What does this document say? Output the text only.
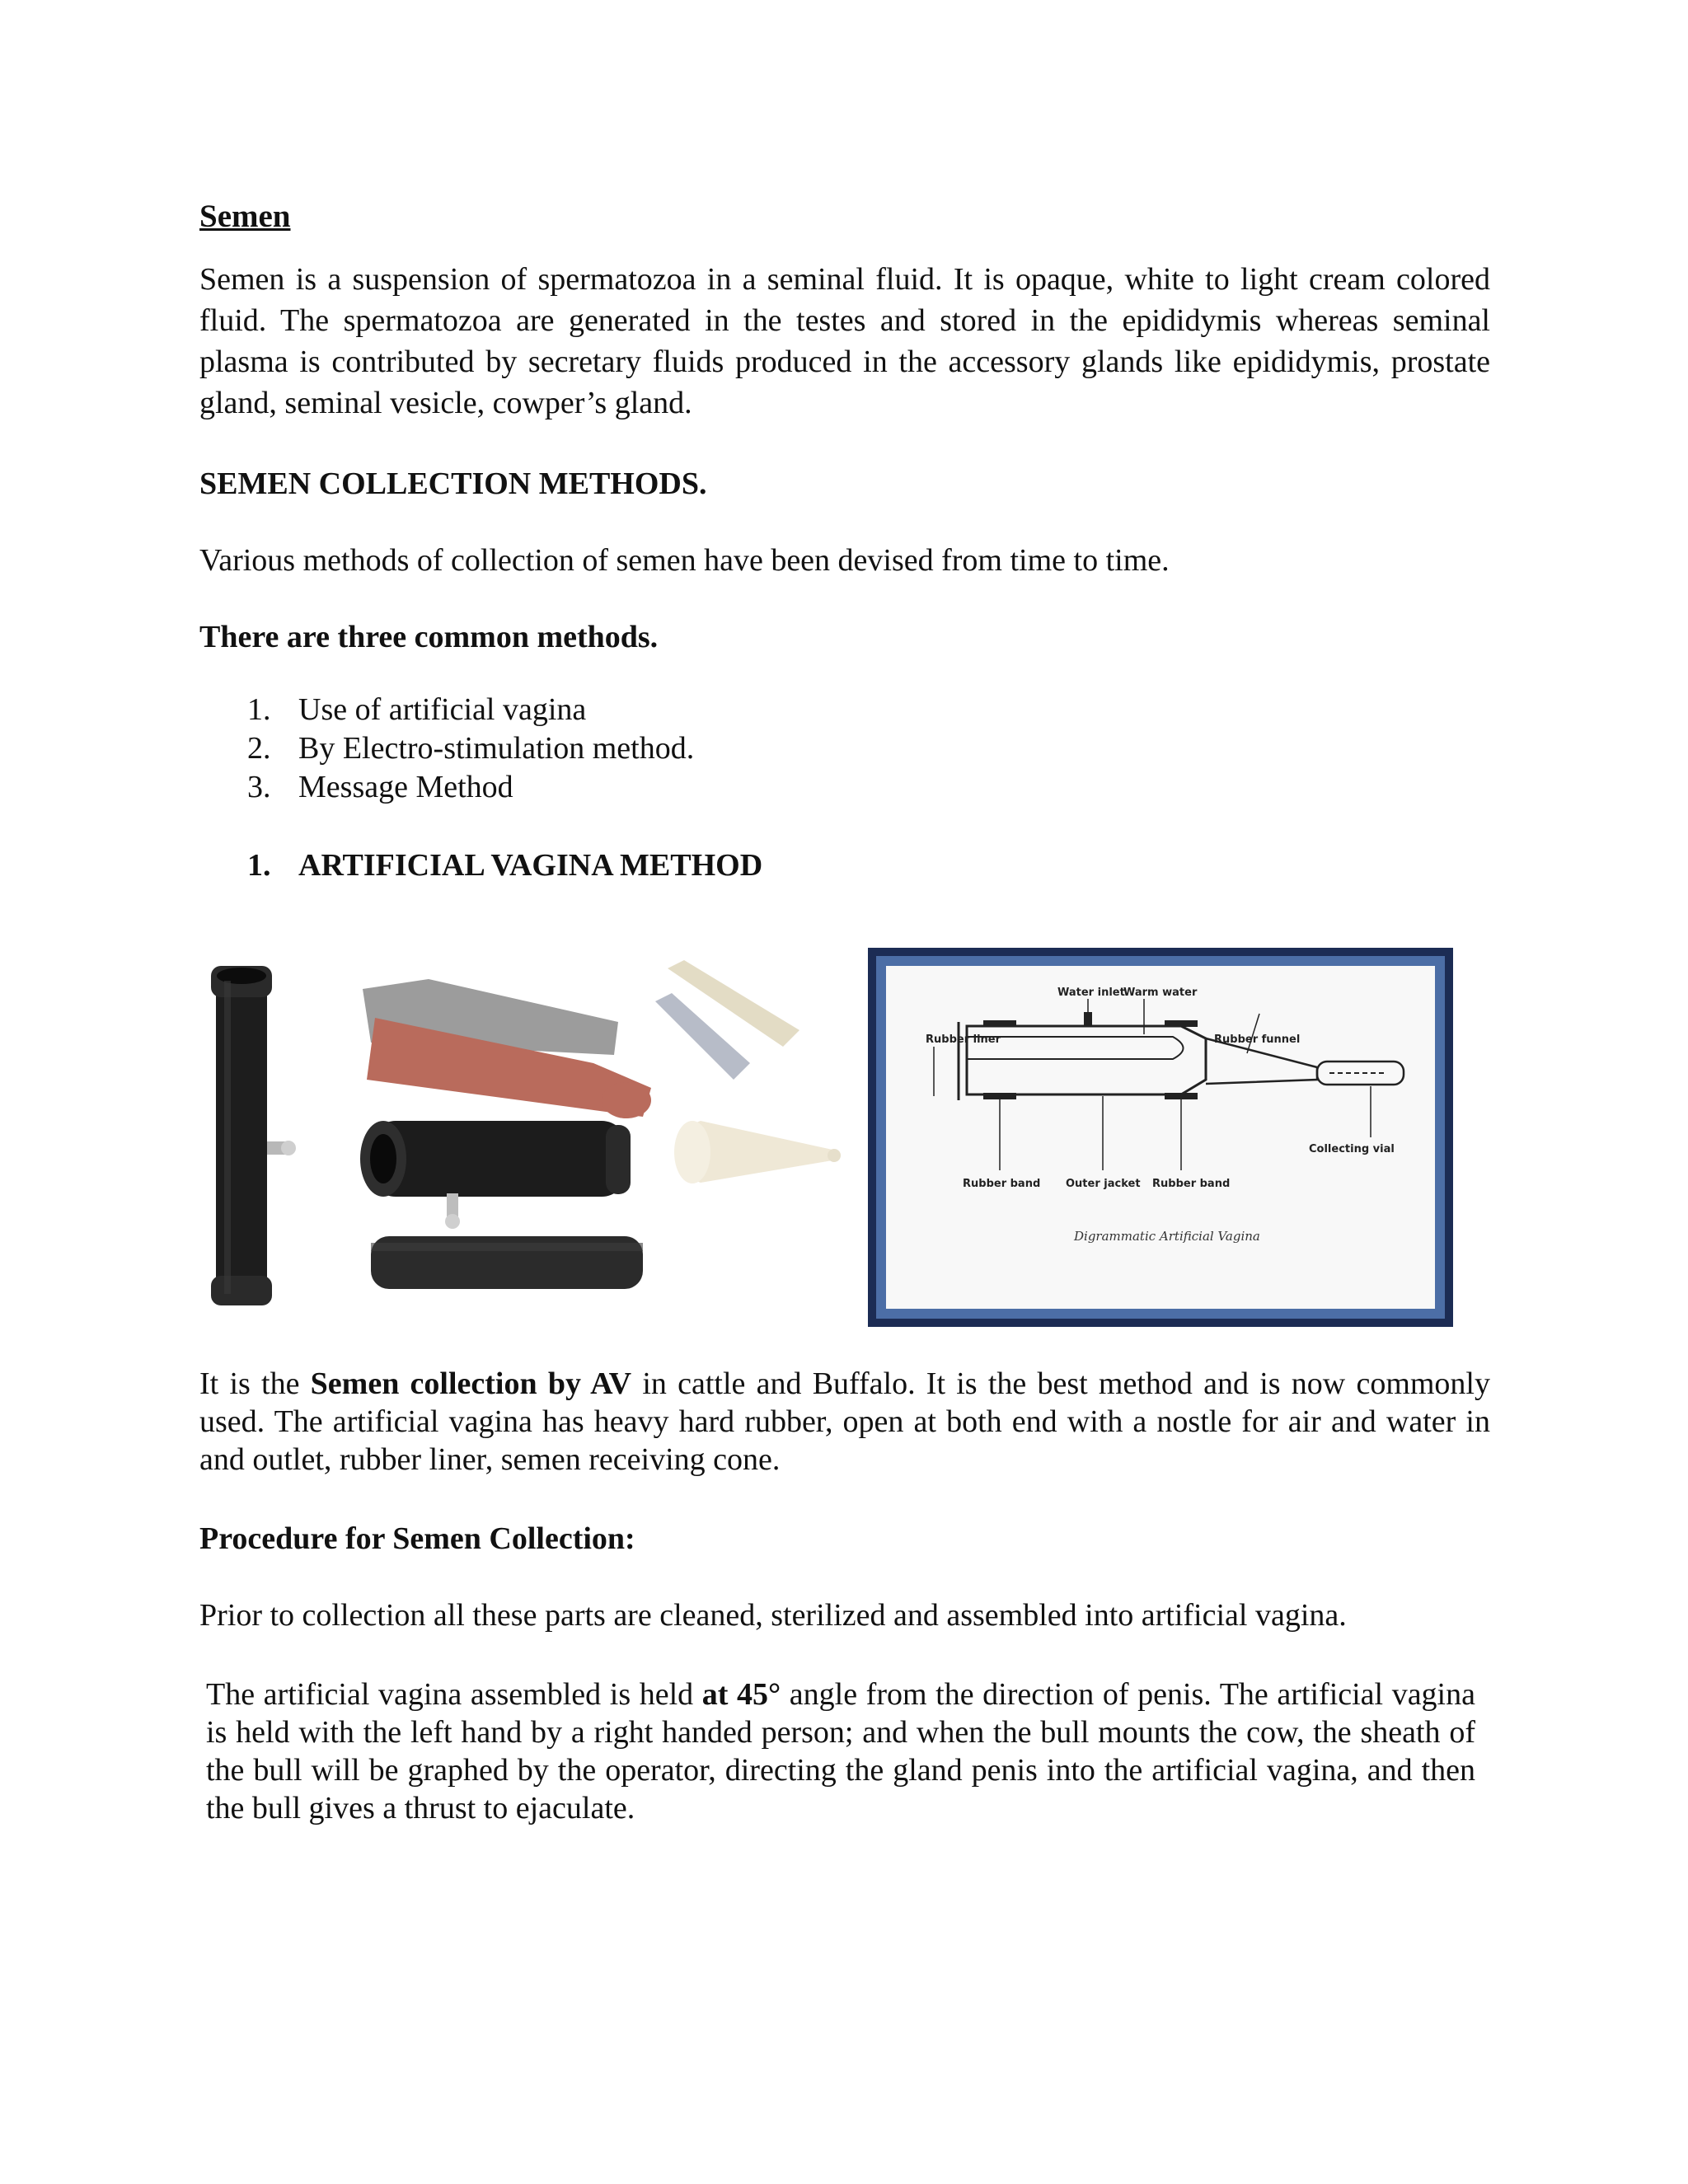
Semen
Semen is a suspension of spermatozoa in a seminal fluid. It is opaque, white to light cream colored fluid. The spermatozoa are generated in the testes and stored in the epididymis whereas seminal plasma is contributed by secretary fluids produced in the accessory glands like epididymis, prostate gland, seminal vesicle, cowper’s gland.
SEMEN COLLECTION METHODS.
Various methods of collection of semen have been devised from time to time.
There are three common methods.
1. Use of artificial vagina
2. By Electro-stimulation method.
3. Message Method
1. ARTIFICIAL VAGINA METHOD
Water inlet
Warm water
Rubber liner	Rubber funnel
Collecting vial
Rubber band Outer jacket Rubber band
Digrammatic Artificial Vagina
It is the Semen collection by AV in cattle and Buffalo. It is the best method and is now commonly used. The artificial vagina has heavy hard rubber, open at both end with a nostle for air and water in and outlet, rubber liner, semen receiving cone.
Procedure for Semen Collection:
Prior to collection all these parts are cleaned, sterilized and assembled into artificial vagina.
The artificial vagina assembled is held at 45° angle from the direction of penis. The artificial vagina is held with the left hand by a right handed person; and when the bull mounts the cow, the sheath of the bull will be graphed by the operator, directing the gland penis into the artificial vagina, and then the bull gives a thrust to ejaculate.
